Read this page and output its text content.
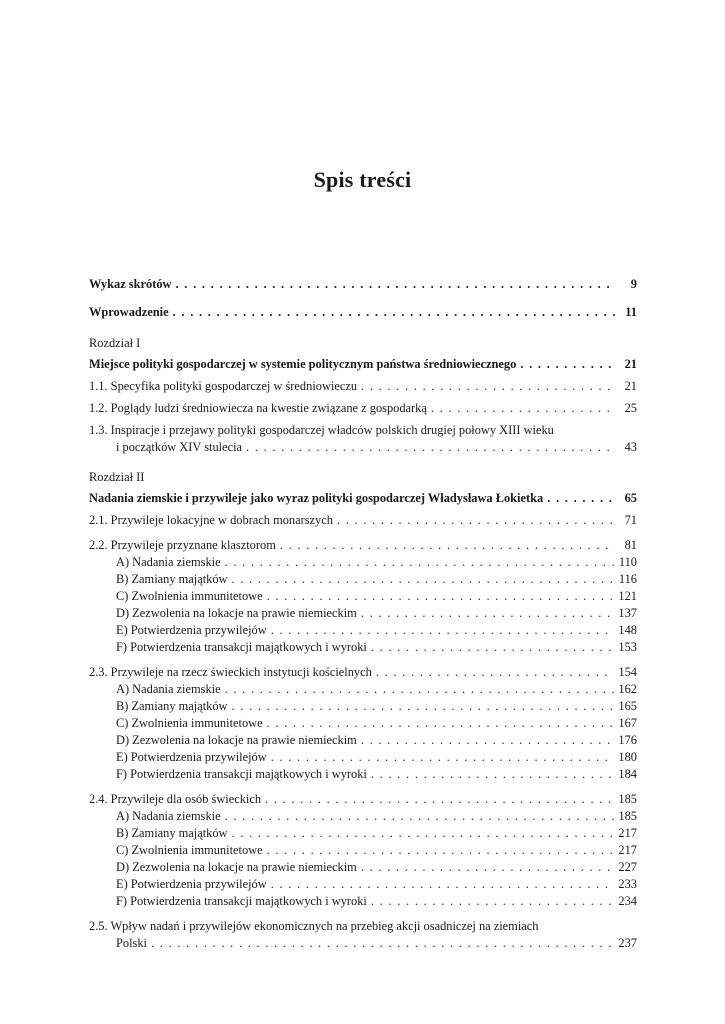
Spis treści
Wykaz skrótów . . .	9
Wprowadzenie . . .	11
Rozdział I
Miejsce polityki gospodarczej w systemie politycznym państwa średniowiecznego . . .	21
1.1. Specyfika polityki gospodarczej w średniowieczu . . .	21
1.2. Poglądy ludzi średniowiecza na kwestie związane z gospodarką . . .	25
1.3. Inspiracje i przejawy polityki gospodarczej władców polskich drugiej połowy XIII wieku
i początków XIV stulecia . . .	43
Rozdział II
Nadania ziemskie i przywileje jako wyraz polityki gospodarczej Władysława Łokietka . . .	65
2.1. Przywileje lokacyjne w dobrach monarszych . . .	71
2.2. Przywileje przyznane klasztorom . . .	81
A) Nadania ziemskie . . .	110
B) Zamiany majątków . . .	116
C) Zwolnienia immunitetowe . . .	121
D) Zezwolenia na lokacje na prawie niemieckim . . .	137
E) Potwierdzenia przywilejów . . .	148
F) Potwierdzenia transakcji majątkowych i wyroki . . .	153
2.3. Przywileje na rzecz świeckich instytucji kościelnych . . .	154
A) Nadania ziemskie . . .	162
B) Zamiany majątków . . .	165
C) Zwolnienia immunitetowe . . .	167
D) Zezwolenia na lokacje na prawie niemieckim . . .	176
E) Potwierdzenia przywilejów . . .	180
F) Potwierdzenia transakcji majątkowych i wyroki . . .	184
2.4. Przywileje dla osób świeckich . . .	185
A) Nadania ziemskie . . .	185
B) Zamiany majątków . . .	217
C) Zwolnienia immunitetowe . . .	217
D) Zezwolenia na lokacje na prawie niemieckim . . .	227
E) Potwierdzenia przywilejów . . .	233
F) Potwierdzenia transakcji majątkowych i wyroki . . .	234
2.5. Wpływ nadań i przywilejów ekonomicznych na przebieg akcji osadniczej na ziemiach
Polski . . .	237
